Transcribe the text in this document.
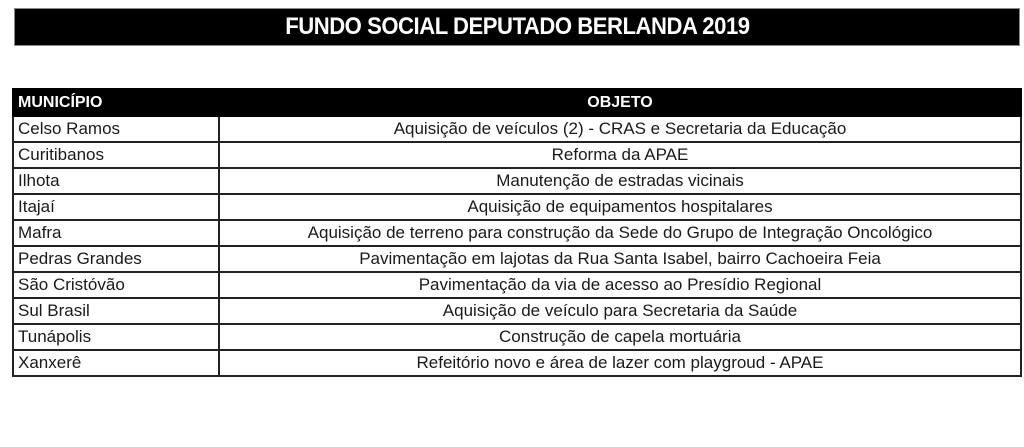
FUNDO SOCIAL DEPUTADO BERLANDA 2019
MUNICÍPIO	OBJETO
Celso Ramos	Aquisição de veículos (2) - CRAS e Secretaria da Educação
Curitibanos	Reforma da APAE
Ilhota	Manutenção de estradas vicinais
Itajaí	Aquisição de equipamentos hospitalares
Mafra	Aquisição de terreno para construção da Sede do Grupo de Integração Oncológico
Pedras Grandes	Pavimentação em lajotas da Rua Santa Isabel, bairro Cachoeira Feia
São Cristóvão	Pavimentação da via de acesso ao Presídio Regional
Sul Brasil	Aquisição de veículo para Secretaria da Saúde
Tunápolis	Construção de capela mortuária
Xanxerê	Refeitório novo e área de lazer com playgroud - APAE
